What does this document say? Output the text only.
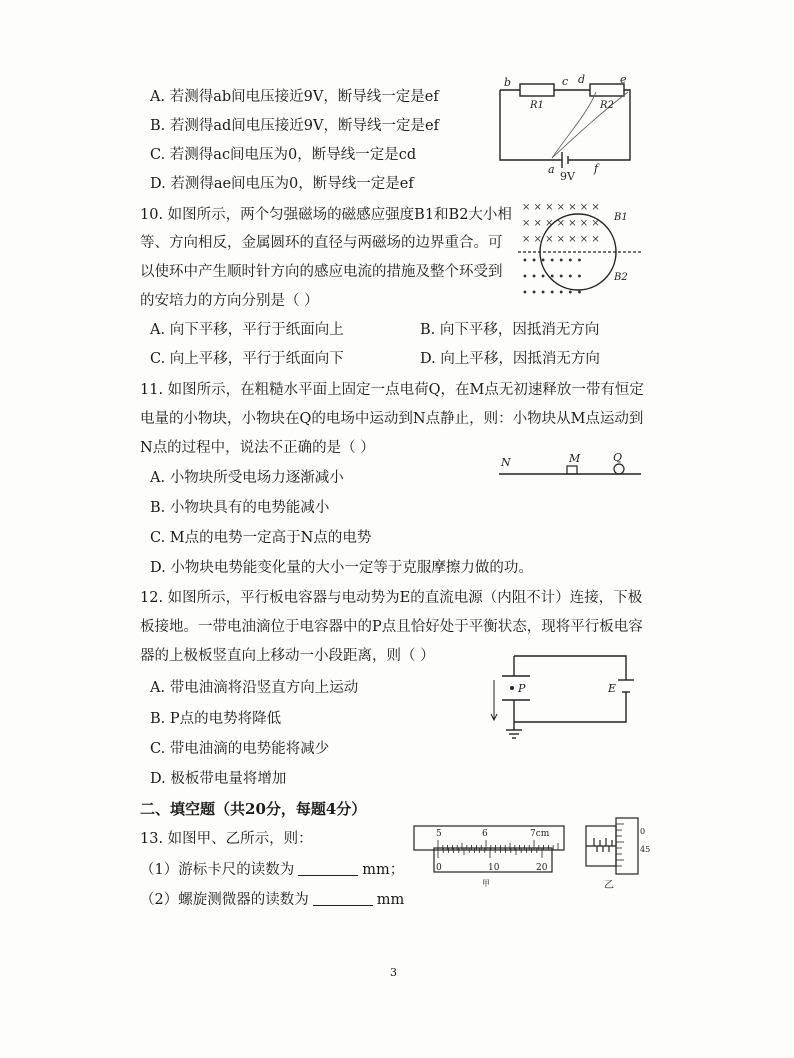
A. 若测得ab间电压接近9V，断导线一定是ef
B. 若测得ad间电压接近9V，断导线一定是ef
C. 若测得ac间电压为0，断导线一定是cd
D. 若测得ae间电压为0，断导线一定是ef
b	c d	e
R1	R2
a
9V
f
10. 如图所示，两个匀强磁场的磁感应强度B1和B2大小相
等、方向相反，金属圆环的直径与两磁场的边界重合。可
以使环中产生顺时针方向的感应电流的措施及整个环受到
的安培力的方向分别是（ ）
A. 向下平移，平行于纸面向上	B. 向下平移，因抵消无方向
C. 向上平移，平行于纸面向下	D. 向上平移，因抵消无方向
× × × × × × ×
× × × × × × ×
× × × × × × ×
• • • • • • •
• • • • • • •
• • • • • • •
B1
B2
11. 如图所示，在粗糙水平面上固定一点电荷Q，在M点无初速释放一带有恒定
电量的小物块，小物块在Q的电场中运动到N点静止，则：小物块从M点运动到
N点的过程中，说法不正确的是（ ）
A. 小物块所受电场力逐渐减小
B. 小物块具有的电势能减小
C. M点的电势一定高于N点的电势
D. 小物块电势能变化量的大小一定等于克服摩擦力做的功。
N	M	Q
12. 如图所示，平行板电容器与电动势为E的直流电源（内阻不计）连接，下极
板接地。一带电油滴位于电容器中的P点且恰好处于平衡状态，现将平行板电容
器的上极板竖直向上移动一小段距离，则（ ）
A. 带电油滴将沿竖直方向上运动
B. P点的电势将降低
C. 带电油滴的电势能将减少
D. 极板带电量将增加
P	E
二、填空题（共20分，每题4分）
13. 如图甲、乙所示，则：
（1）游标卡尺的读数为	mm；
（2）螺旋测微器的读数为	mm
5	6	7cm
0	10	20
甲
0
45
乙
3
